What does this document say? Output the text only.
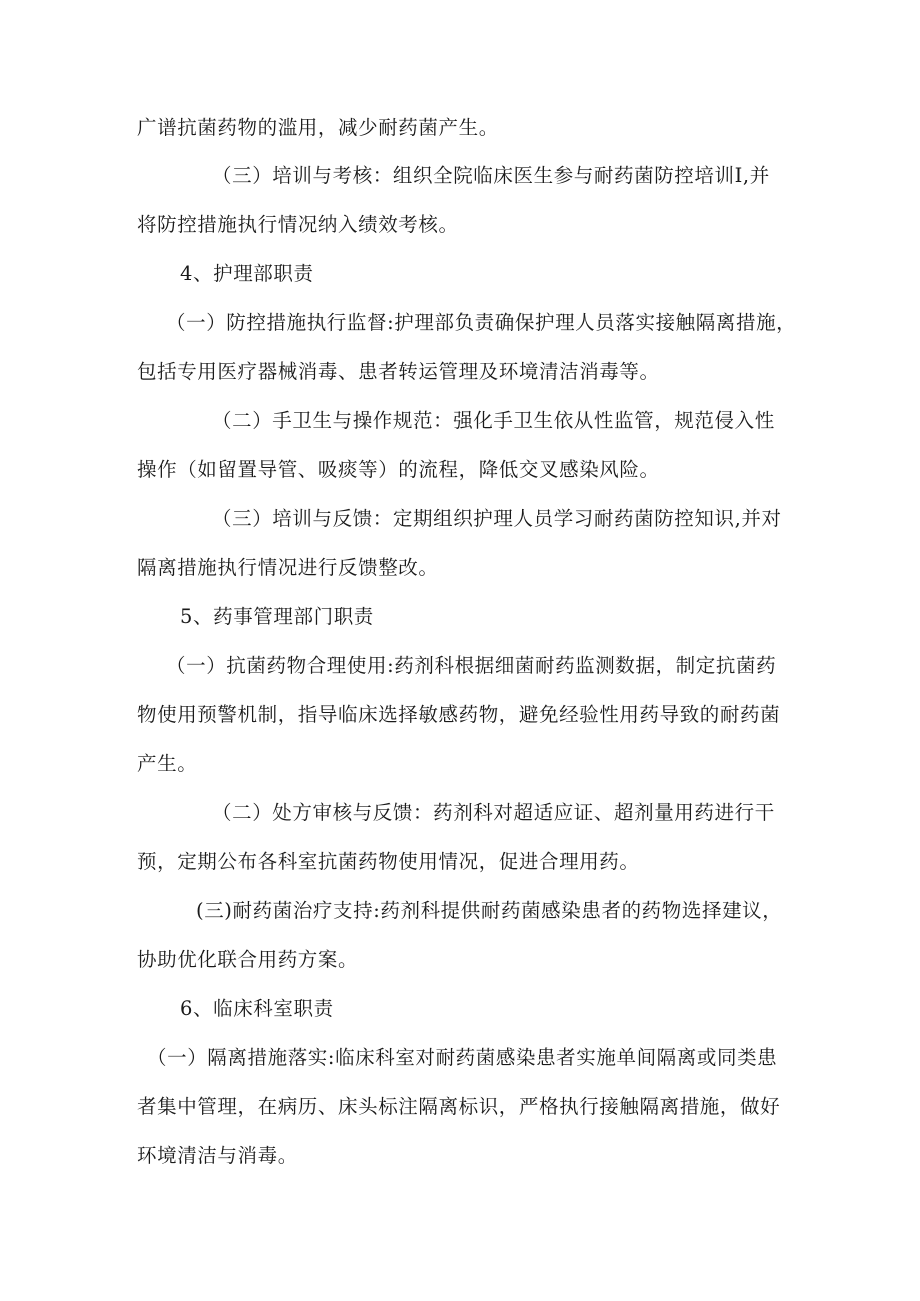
广谱抗菌药物的滥用，减少耐药菌产生。
（三）培训与考核：组织全院临床医生参与耐药菌防控培训I,并
将防控措施执行情况纳入绩效考核。
4、护理部职责
（一）防控措施执行监督:护理部负责确保护理人员落实接触隔离措施，
包括专用医疗器械消毒、患者转运管理及环境清洁消毒等。
（二）手卫生与操作规范：强化手卫生依从性监管，规范侵入性
操作（如留置导管、吸痰等）的流程，降低交叉感染风险。
（三）培训与反馈：定期组织护理人员学习耐药菌防控知识,并对
隔离措施执行情况进行反馈整改。
5、药事管理部门职责
（一）抗菌药物合理使用:药剂科根据细菌耐药监测数据，制定抗菌药
物使用预警机制，指导临床选择敏感药物，避免经验性用药导致的耐药菌
产生。
（二）处方审核与反馈：药剂科对超适应证、超剂量用药进行干
预，定期公布各科室抗菌药物使用情况，促进合理用药。
(三)耐药菌治疗支持:药剂科提供耐药菌感染患者的药物选择建议，
协助优化联合用药方案。
6、临床科室职责
（一）隔离措施落实:临床科室对耐药菌感染患者实施单间隔离或同类患
者集中管理，在病历、床头标注隔离标识，严格执行接触隔离措施，做好
环境清洁与消毒。
